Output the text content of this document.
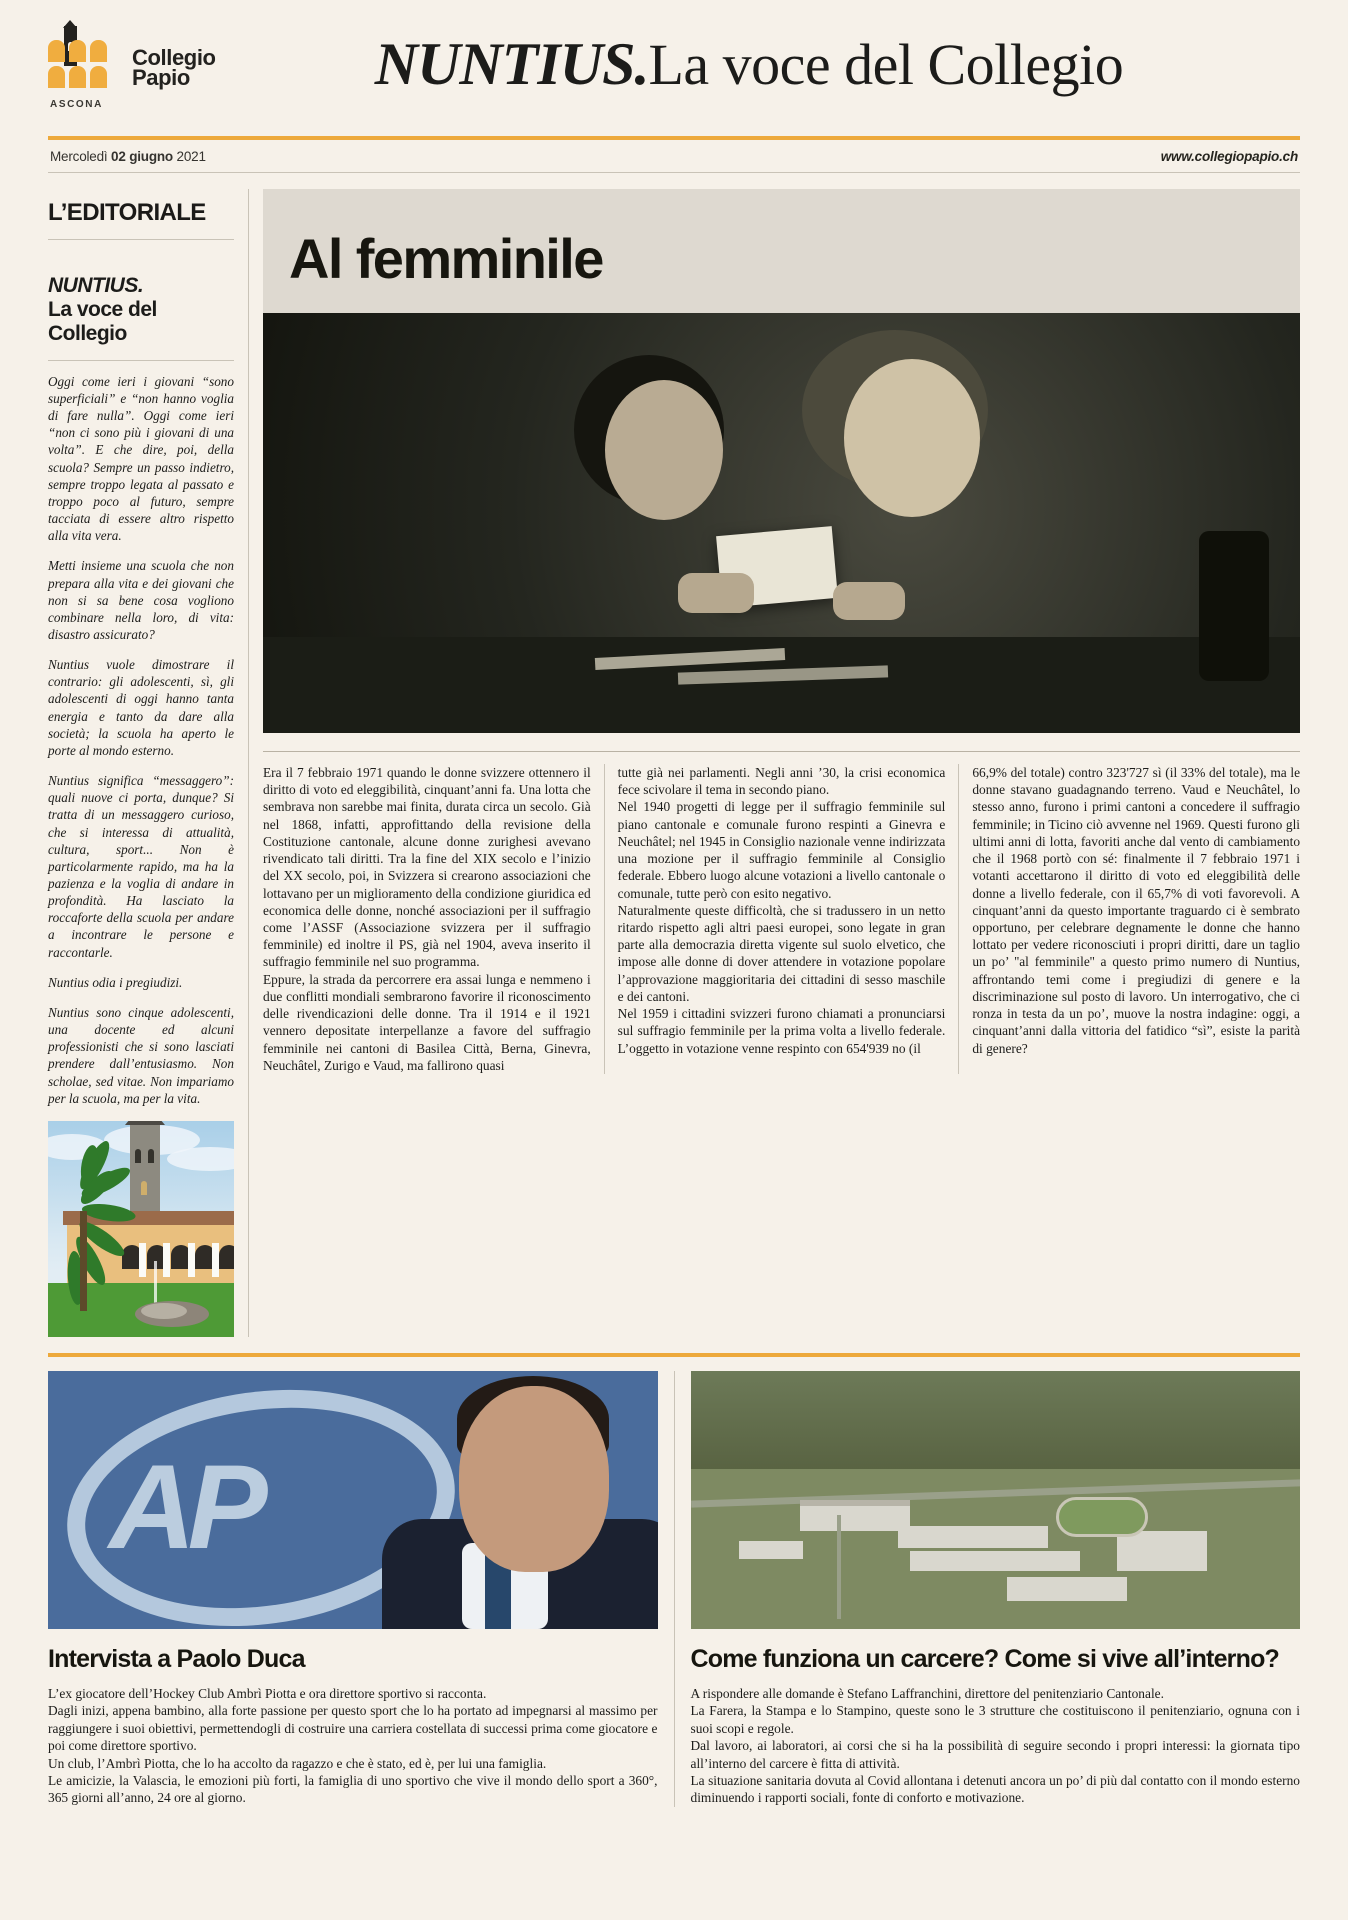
Collegio
Papio
ASCONA
NUNTIUS.La voce del Collegio
Mercoledì 02 giugno 2021	www.collegiopapio.ch
L’EDITORIALE
NUNTIUS.
La voce del Collegio

Oggi come ieri i giovani “sono superficiali” e “non hanno voglia di fare nulla”. Oggi come ieri “non ci sono più i giovani di una volta”. E che dire, poi, della scuola? Sempre un passo indietro, sempre troppo legata al passato e troppo poco al futuro, sempre tacciata di essere altro rispetto alla vita vera.

Metti insieme una scuola che non prepara alla vita e dei giovani che non si sa bene cosa vogliono combinare nella loro, di vita: disastro assicurato?

Nuntius vuole dimostrare il contrario: gli adolescenti, sì, gli adolescenti di oggi hanno tanta energia e tanto da dare alla società; la scuola ha aperto le porte al mondo esterno.

Nuntius significa “messaggero”: quali nuove ci porta, dunque? Si tratta di un messaggero curioso, che si interessa di attualità, cultura, sport... Non è particolarmente rapido, ma ha la pazienza e la voglia di andare in profondità. Ha lasciato la roccaforte della scuola per andare a incontrare le persone e raccontarle.

Nuntius odia i pregiudizi.

Nuntius sono cinque adolescenti, una docente ed alcuni professionisti che si sono lasciati prendere dall’entusiasmo. Non scholae, sed vitae. Non impariamo per la scuola, ma per la vita.

Al femminile

Era il 7 febbraio 1971 quando le donne svizzere ottennero il diritto di voto ed eleggibilità, cinquant’anni fa. Una lotta che sembrava non sarebbe mai finita, durata circa un secolo. Già nel 1868, infatti, approfittando della revisione della Costituzione cantonale, alcune donne zurighesi avevano rivendicato tali diritti. Tra la fine del XIX secolo e l’inizio del XX secolo, poi, in Svizzera si crearono associazioni che lottavano per un miglioramento della condizione giuridica ed economica delle donne, nonché associazioni per il suffragio come l’ASSF (Associazione svizzera per il suffragio femminile) ed inoltre il PS, già nel 1904, aveva inserito il suffragio femminile nel suo programma.

Eppure, la strada da percorrere era assai lunga e nemmeno i due conflitti mondiali sembrarono favorire il riconoscimento delle rivendicazioni delle donne. Tra il 1914 e il 1921 vennero depositate interpellanze a favore del suffragio femminile nei cantoni di Basilea Città, Berna, Ginevra, Neuchâtel, Zurigo e Vaud, ma fallirono quasi

tutte già nei parlamenti. Negli anni ’30, la crisi economica fece scivolare il tema in secondo piano.

Nel 1940 progetti di legge per il suffragio femminile sul piano cantonale e comunale furono respinti a Ginevra e Neuchâtel; nel 1945 in Consiglio nazionale venne indirizzata una mozione per il suffragio femminile al Consiglio federale. Ebbero luogo alcune votazioni a livello cantonale o comunale, tutte però con esito negativo.

Naturalmente queste difficoltà, che si tradussero in un netto ritardo rispetto agli altri paesi europei, sono legate in gran parte alla democrazia diretta vigente sul suolo elvetico, che impose alle donne di dover attendere in votazione popolare l’approvazione maggioritaria dei cittadini di sesso maschile e dei cantoni.

Nel 1959 i cittadini svizzeri furono chiamati a pronunciarsi sul suffragio femminile per la prima volta a livello federale. L’oggetto in votazione venne respinto con 654'939 no (il

66,9% del totale) contro 323'727 sì (il 33% del totale), ma le donne stavano guadagnando terreno. Vaud e Neuchâtel, lo stesso anno, furono i primi cantoni a concedere il suffragio femminile; in Ticino ciò avvenne nel 1969. Questi furono gli ultimi anni di lotta, favoriti anche dal vento di cambiamento che il 1968 portò con sé: finalmente il 7 febbraio 1971 i votanti accettarono il diritto di voto ed eleggibilità delle donne a livello federale, con il 65,7% di voti favorevoli. A cinquant’anni da questo importante traguardo ci è sembrato opportuno, per celebrare degnamente le donne che hanno lottato per vedere riconosciuti i propri diritti, dare un taglio un po’ ''al femminile'' a questo primo numero di Nuntius, affrontando temi come i pregiudizi di genere e la discriminazione sul posto di lavoro. Un interrogativo, che ci ronza in testa da un po’, muove la nostra indagine: oggi, a cinquant’anni dalla vittoria del fatidico “sì”, esiste la parità di genere?

AP
Intervista a Paolo Duca

L’ex giocatore dell’Hockey Club Ambrì Piotta e ora direttore sportivo si racconta.

Dagli inizi, appena bambino, alla forte passione per questo sport che lo ha portato ad impegnarsi al massimo per raggiungere i suoi obiettivi, permettendogli di costruire una carriera costellata di successi prima come giocatore e poi come direttore sportivo.

Un club, l’Ambrì Piotta, che lo ha accolto da ragazzo e che è stato, ed è, per lui una famiglia.

Le amicizie, la Valascia, le emozioni più forti, la famiglia di uno sportivo che vive il mondo dello sport a 360°, 365 giorni all’anno, 24 ore al giorno.

Come funziona un carcere? Come si vive all’interno?

A rispondere alle domande è Stefano Laffranchini, direttore del penitenziario Cantonale.

La Farera, la Stampa e lo Stampino, queste sono le 3 strutture che costituiscono il penitenziario, ognuna con i suoi scopi e regole.

Dal lavoro, ai laboratori, ai corsi che si ha la possibilità di seguire secondo i propri interessi: la giornata tipo all’interno del carcere è fitta di attività.

La situazione sanitaria dovuta al Covid allontana i detenuti ancora un po’ di più dal contatto con il mondo esterno diminuendo i rapporti sociali, fonte di conforto e motivazione.
